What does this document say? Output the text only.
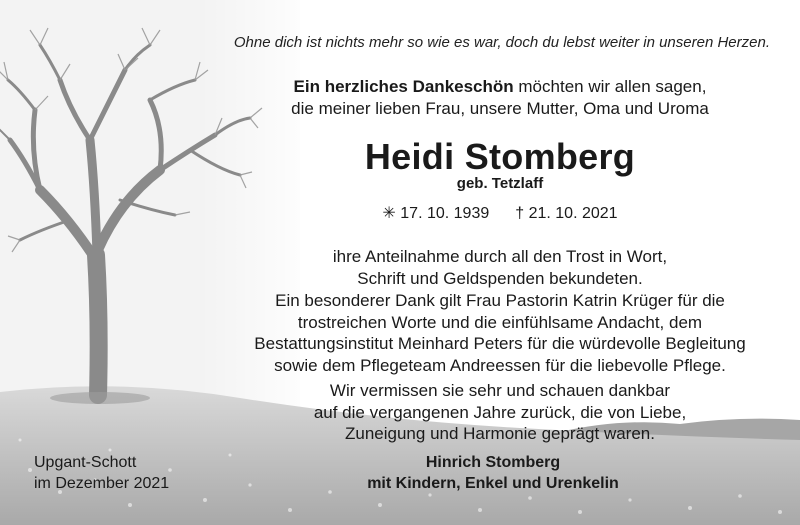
Ohne dich ist nichts mehr so wie es war, doch du lebst weiter in unseren Herzen.
Ein herzliches Dankeschön möchten wir allen sagen,
die meiner lieben Frau, unsere Mutter, Oma und Uroma
Heidi Stomberg
geb. Tetzlaff
✳ 17. 10. 1939 † 21. 10. 2021
ihre Anteilnahme durch all den Trost in Wort,
Schrift und Geldspenden bekundeten.
Ein besonderer Dank gilt Frau Pastorin Katrin Krüger für die
trostreichen Worte und die einfühlsame Andacht, dem
Bestattungsinstitut Meinhard Peters für die würdevolle Begleitung
sowie dem Pflegeteam Andreessen für die liebevolle Pflege.
Wir vermissen sie sehr und schauen dankbar
auf die vergangenen Jahre zurück, die von Liebe,
Zuneigung und Harmonie geprägt waren.
Upgant-Schott
im Dezember 2021
Hinrich Stomberg
mit Kindern, Enkel und Urenkelin
